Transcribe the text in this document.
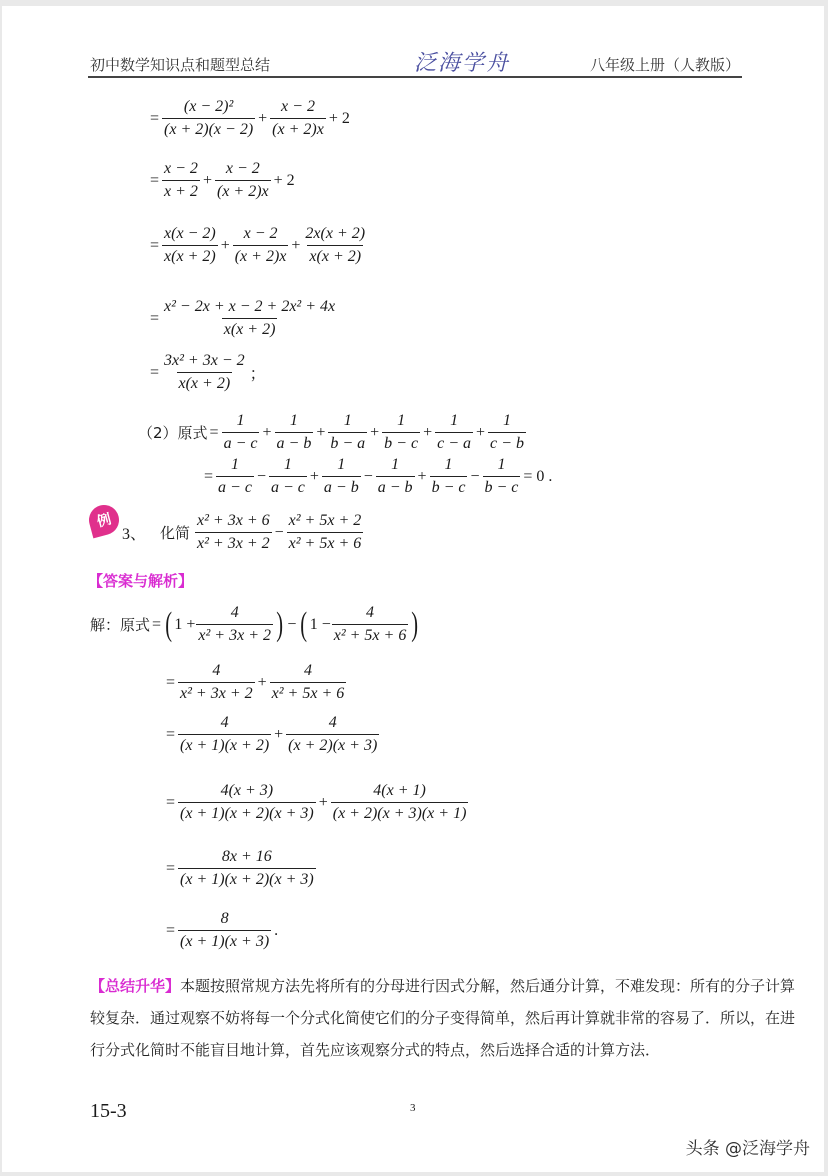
初中数学知识点和题型总结	泛海学舟	八年级上册（人教版）
= $\frac{\text{(x − 2)²}}{(x + 2)(x - 2)} + \frac{x - 2}{(x + 2)x} + 2$
= $\frac{x - 2}{x + 2} + \frac{x - 2}{(x + 2)x} + 2$
= $\frac{x(x - 2)}{x(x + 2)} + \frac{x - 2}{(x + 2)x} + \frac{2x(x + 2)}{x(x + 2)}$
= $\frac{\text{x² − 2x + x − 2 + 2x² + 4x}}{x(x + 2)}$
= $\frac{\text{3x² + 3x − 2}}{x(x + 2)}$ ；
（2）原式 = $\frac{1}{a - c} + \frac{1}{a - b} + \frac{1}{b - a} + \frac{1}{b - c} + \frac{1}{c - a} + \frac{1}{c - b}$
= $\frac{1}{a - c} - \frac{1}{a - c} + \frac{1}{a - b} - \frac{1}{a - b} + \frac{1}{b - c} - \frac{1}{b - c} = 0$ .
例
3、 化简 $\frac{\text{x² + 3x + 6}}{\text{x² + 3x + 2}} - \frac{\text{x² + 5x + 2}}{\text{x² + 5x + 6}}$
【答案与解析】
解：原式 = ( $1 + \frac{4}{\text{x² + 3x + 2}}$ ) − ( $1 - \frac{4}{\text{x² + 5x + 6}}$ )
= $\frac{4}{\text{x² + 3x + 2}} + \frac{4}{\text{x² + 5x + 6}}$
= $\frac{4}{(x + 1)(x + 2)} + \frac{4}{(x + 2)(x + 3)}$
= $\frac{4(x + 3)}{(x + 1)(x + 2)(x + 3)} + \frac{4(x + 1)}{(x + 2)(x + 3)(x + 1)}$
= $\frac{8x + 16}{(x + 1)(x + 2)(x + 3)}$
= $\frac{8}{(x + 1)(x + 3)}$ .
【总结升华】本题按照常规方法先将所有的分母进行因式分解，然后通分计算，不难发现：所有的分子计算较复杂．通过观察不妨将每一个分式化简使它们的分子变得简单，然后再计算就非常的容易了．所以，在进行分式化简时不能盲目地计算，首先应该观察分式的特点，然后选择合适的计算方法．
15-3	3
头条 @泛海学舟
